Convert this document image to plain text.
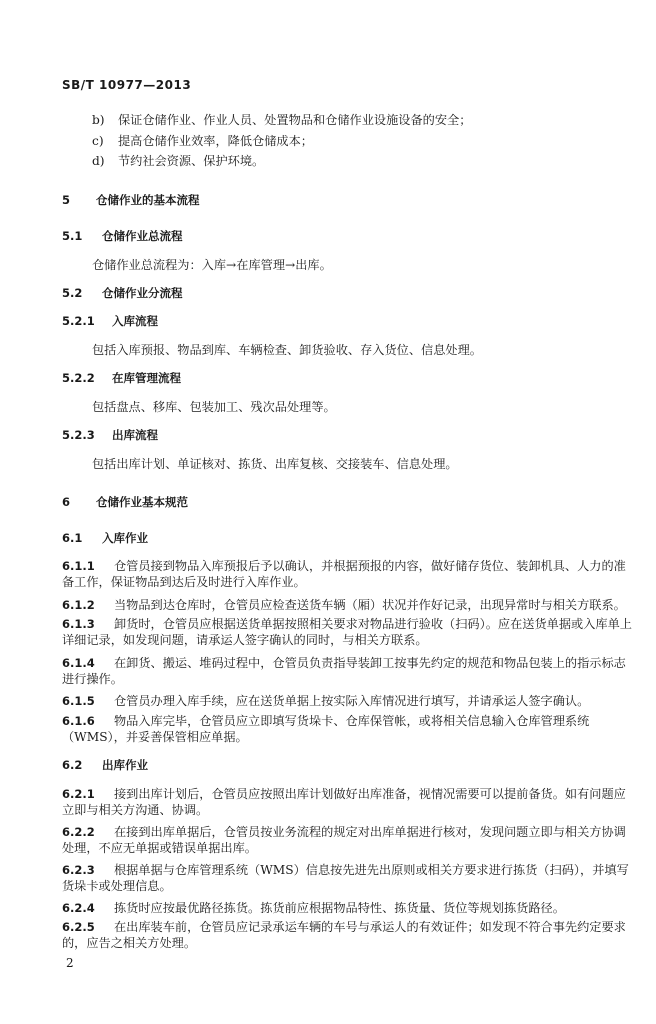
SB/T 10977—2013
b) 保证仓储作业、作业人员、处置物品和仓储作业设施设备的安全；
c) 提高仓储作业效率，降低仓储成本；
d) 节约社会资源、保护环境。
5 仓储作业的基本流程
5.1 仓储作业总流程
仓储作业总流程为：入库→在库管理→出库。
5.2 仓储作业分流程
5.2.1 入库流程
包括入库预报、物品到库、车辆检查、卸货验收、存入货位、信息处理。
5.2.2 在库管理流程
包括盘点、移库、包装加工、残次品处理等。
5.2.3 出库流程
包括出库计划、单证核对、拣货、出库复核、交接装车、信息处理。
6 仓储作业基本规范
6.1 入库作业
6.1.1 仓管员接到物品入库预报后予以确认，并根据预报的内容，做好储存货位、装卸机具、人力的准备工作，保证物品到达后及时进行入库作业。
6.1.2 当物品到达仓库时，仓管员应检查送货车辆（厢）状况并作好记录，出现异常时与相关方联系。
6.1.3 卸货时，仓管员应根据送货单据按照相关要求对物品进行验收（扫码）。应在送货单据或入库单上详细记录，如发现问题，请承运人签字确认的同时，与相关方联系。
6.1.4 在卸货、搬运、堆码过程中，仓管员负责指导装卸工按事先约定的规范和物品包装上的指示标志进行操作。
6.1.5 仓管员办理入库手续，应在送货单据上按实际入库情况进行填写，并请承运人签字确认。
6.1.6 物品入库完毕，仓管员应立即填写货垛卡、仓库保管帐，或将相关信息输入仓库管理系统（WMS），并妥善保管相应单据。
6.2 出库作业
6.2.1 接到出库计划后，仓管员应按照出库计划做好出库准备，视情况需要可以提前备货。如有问题应立即与相关方沟通、协调。
6.2.2 在接到出库单据后，仓管员按业务流程的规定对出库单据进行核对，发现问题立即与相关方协调处理，不应无单据或错误单据出库。
6.2.3 根据单据与仓库管理系统（WMS）信息按先进先出原则或相关方要求进行拣货（扫码），并填写货垛卡或处理信息。
6.2.4 拣货时应按最优路径拣货。拣货前应根据物品特性、拣货量、货位等规划拣货路径。
6.2.5 在出库装车前，仓管员应记录承运车辆的车号与承运人的有效证件；如发现不符合事先约定要求的，应告之相关方处理。
2
